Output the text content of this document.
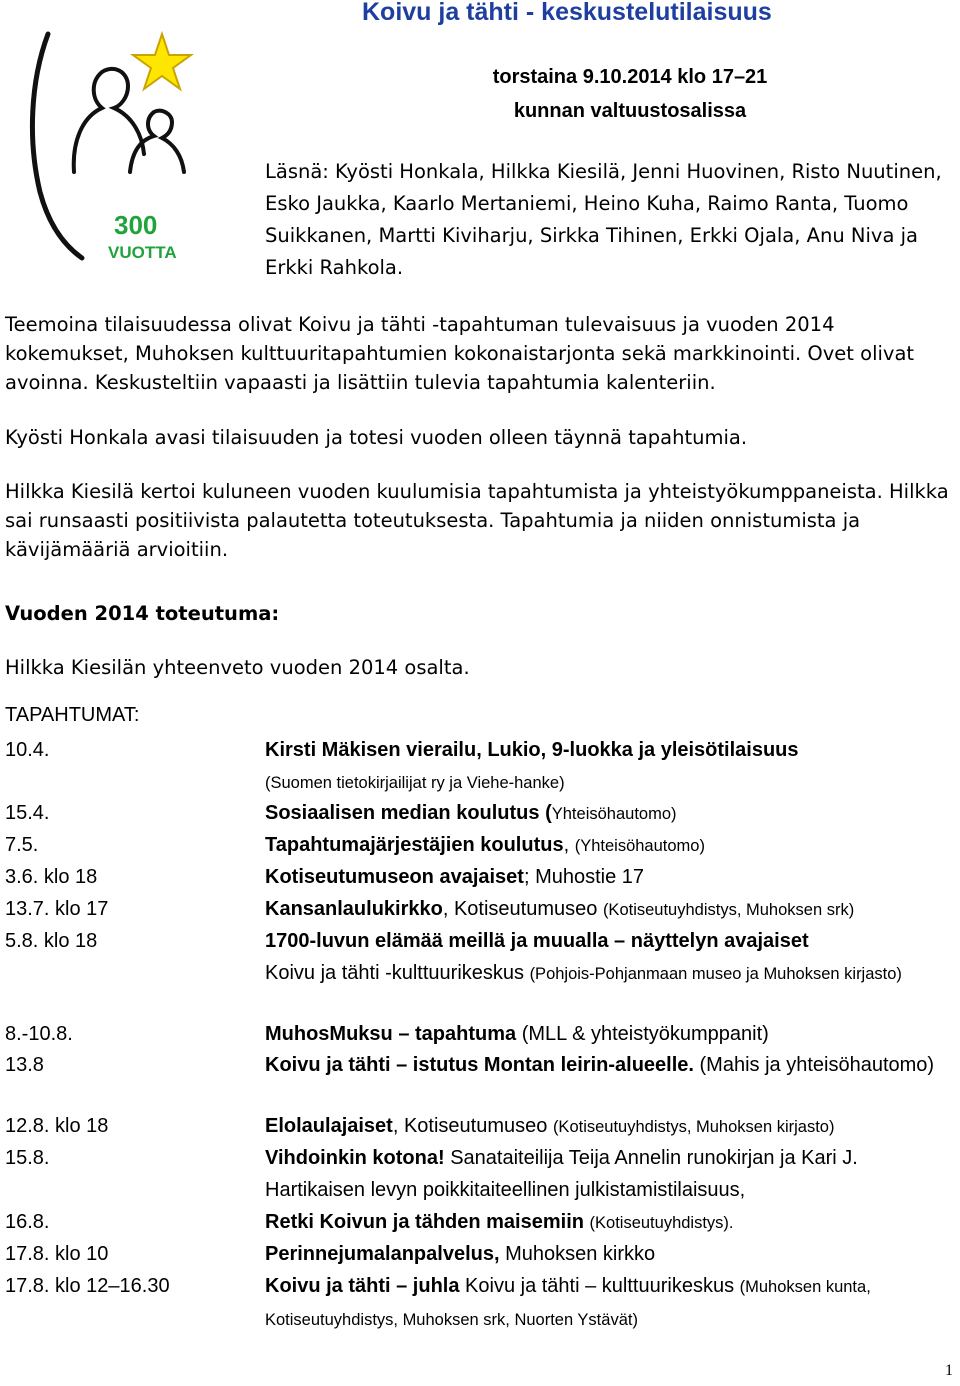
Koivu ja tähti - keskustelutilaisuus
300
VUOTTA
torstaina 9.10.2014 klo 17–21
kunnan valtuustosalissa
Läsnä: Kyösti Honkala, Hilkka Kiesilä, Jenni Huovinen, Risto Nuutinen, Esko Jaukka, Kaarlo Mertaniemi, Heino Kuha, Raimo Ranta, Tuomo Suikkanen, Martti Kiviharju, Sirkka Tihinen, Erkki Ojala, Anu Niva ja Erkki Rahkola.
Teemoina tilaisuudessa olivat Koivu ja tähti -tapahtuman tulevaisuus ja vuoden 2014 kokemukset, Muhoksen kulttuuritapahtumien kokonaistarjonta sekä markkinointi. Ovet olivat avoinna. Keskusteltiin vapaasti ja lisättiin tulevia tapahtumia kalenteriin.
Kyösti Honkala avasi tilaisuuden ja totesi vuoden olleen täynnä tapahtumia.
Hilkka Kiesilä kertoi kuluneen vuoden kuulumisia tapahtumista ja yhteistyökumppaneista. Hilkka sai runsaasti positiivista palautetta toteutuksesta. Tapahtumia ja niiden onnistumista ja kävijämääriä arvioitiin.
Vuoden 2014 toteutuma:
Hilkka Kiesilän yhteenveto vuoden 2014 osalta.
TAPAHTUMAT:
10.4.	Kirsti Mäkisen vierailu, Lukio, 9-luokka ja yleisötilaisuus
(Suomen tietokirjailijat ry ja Viehe-hanke)
15.4.	Sosiaalisen median koulutus (Yhteisöhautomo)
7.5.	Tapahtumajärjestäjien koulutus, (Yhteisöhautomo)
3.6. klo 18	Kotiseutumuseon avajaiset; Muhostie 17
13.7. klo 17	Kansanlaulukirkko, Kotiseutumuseo (Kotiseutuyhdistys, Muhoksen srk)
5.8. klo 18	1700-luvun elämää meillä ja muualla – näyttelyn avajaiset
Koivu ja tähti -kulttuurikeskus (Pohjois-Pohjanmaan museo ja Muhoksen kirjasto)
8.-10.8.	MuhosMuksu – tapahtuma (MLL & yhteistyökumppanit)
13.8	Koivu ja tähti – istutus Montan leirin-alueelle. (Mahis ja yhteisöhautomo)
12.8. klo 18	Elolaulajaiset, Kotiseutumuseo (Kotiseutuyhdistys, Muhoksen kirjasto)
15.8.	Vihdoinkin kotona! Sanataiteilija Teija Annelin runokirjan ja Kari J. Hartikaisen levyn poikkitaiteellinen julkistamistilaisuus,
16.8.	Retki Koivun ja tähden maisemiin (Kotiseutuyhdistys).
17.8. klo 10	Perinnejumalanpalvelus, Muhoksen kirkko
17.8. klo 12–16.30	Koivu ja tähti – juhla Koivu ja tähti – kulttuurikeskus (Muhoksen kunta, Kotiseutuyhdistys, Muhoksen srk, Nuorten Ystävät)
1
